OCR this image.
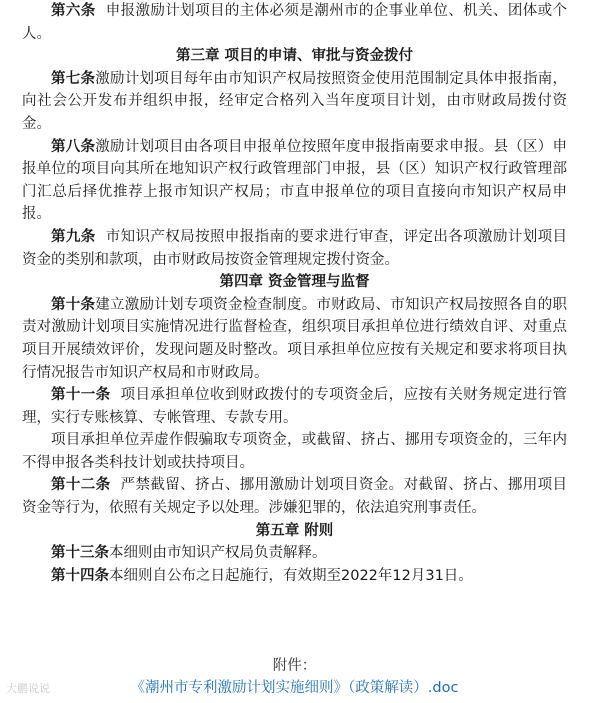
第六条 申报激励计划项目的主体必须是潮州市的企事业单位、机关、团体或个人。

第三章 项目的申请、审批与资金拨付

第七条激励计划项目每年由市知识产权局按照资金使用范围制定具体申报指南，向社会公开发布并组织申报，经审定合格列入当年度项目计划，由市财政局拨付资金。

第八条激励计划项目由各项目申报单位按照年度申报指南要求申报。县（区）申报单位的项目向其所在地知识产权行政管理部门申报，县（区）知识产权行政管理部门汇总后择优推荐上报市知识产权局；市直申报单位的项目直接向市知识产权局申报。

第九条 市知识产权局按照申报指南的要求进行审查，评定出各项激励计划项目资金的类别和款项，由市财政局按资金管理规定拨付资金。

第四章 资金管理与监督

第十条建立激励计划专项资金检查制度。市财政局、市知识产权局按照各自的职责对激励计划项目实施情况进行监督检查，组织项目承担单位进行绩效自评、对重点项目开展绩效评价，发现问题及时整改。项目承担单位应按有关规定和要求将项目执行情况报告市知识产权局和市财政局。

第十一条 项目承担单位收到财政拨付的专项资金后，应按有关财务规定进行管理，实行专账核算、专帐管理、专款专用。

项目承担单位弄虚作假骗取专项资金，或截留、挤占、挪用专项资金的，三年内不得申报各类科技计划或扶持项目。

第十二条 严禁截留、挤占、挪用激励计划项目资金。对截留、挤占、挪用项目资金等行为，依照有关规定予以处理。涉嫌犯罪的，依法追究刑事责任。

第五章 附则

第十三条本细则由市知识产权局负责解释。

第十四条本细则自公布之日起施行，有效期至2022年12月31日。

附件：
《潮州市专利激励计划实施细则》（政策解读）.doc
大鹏说说
